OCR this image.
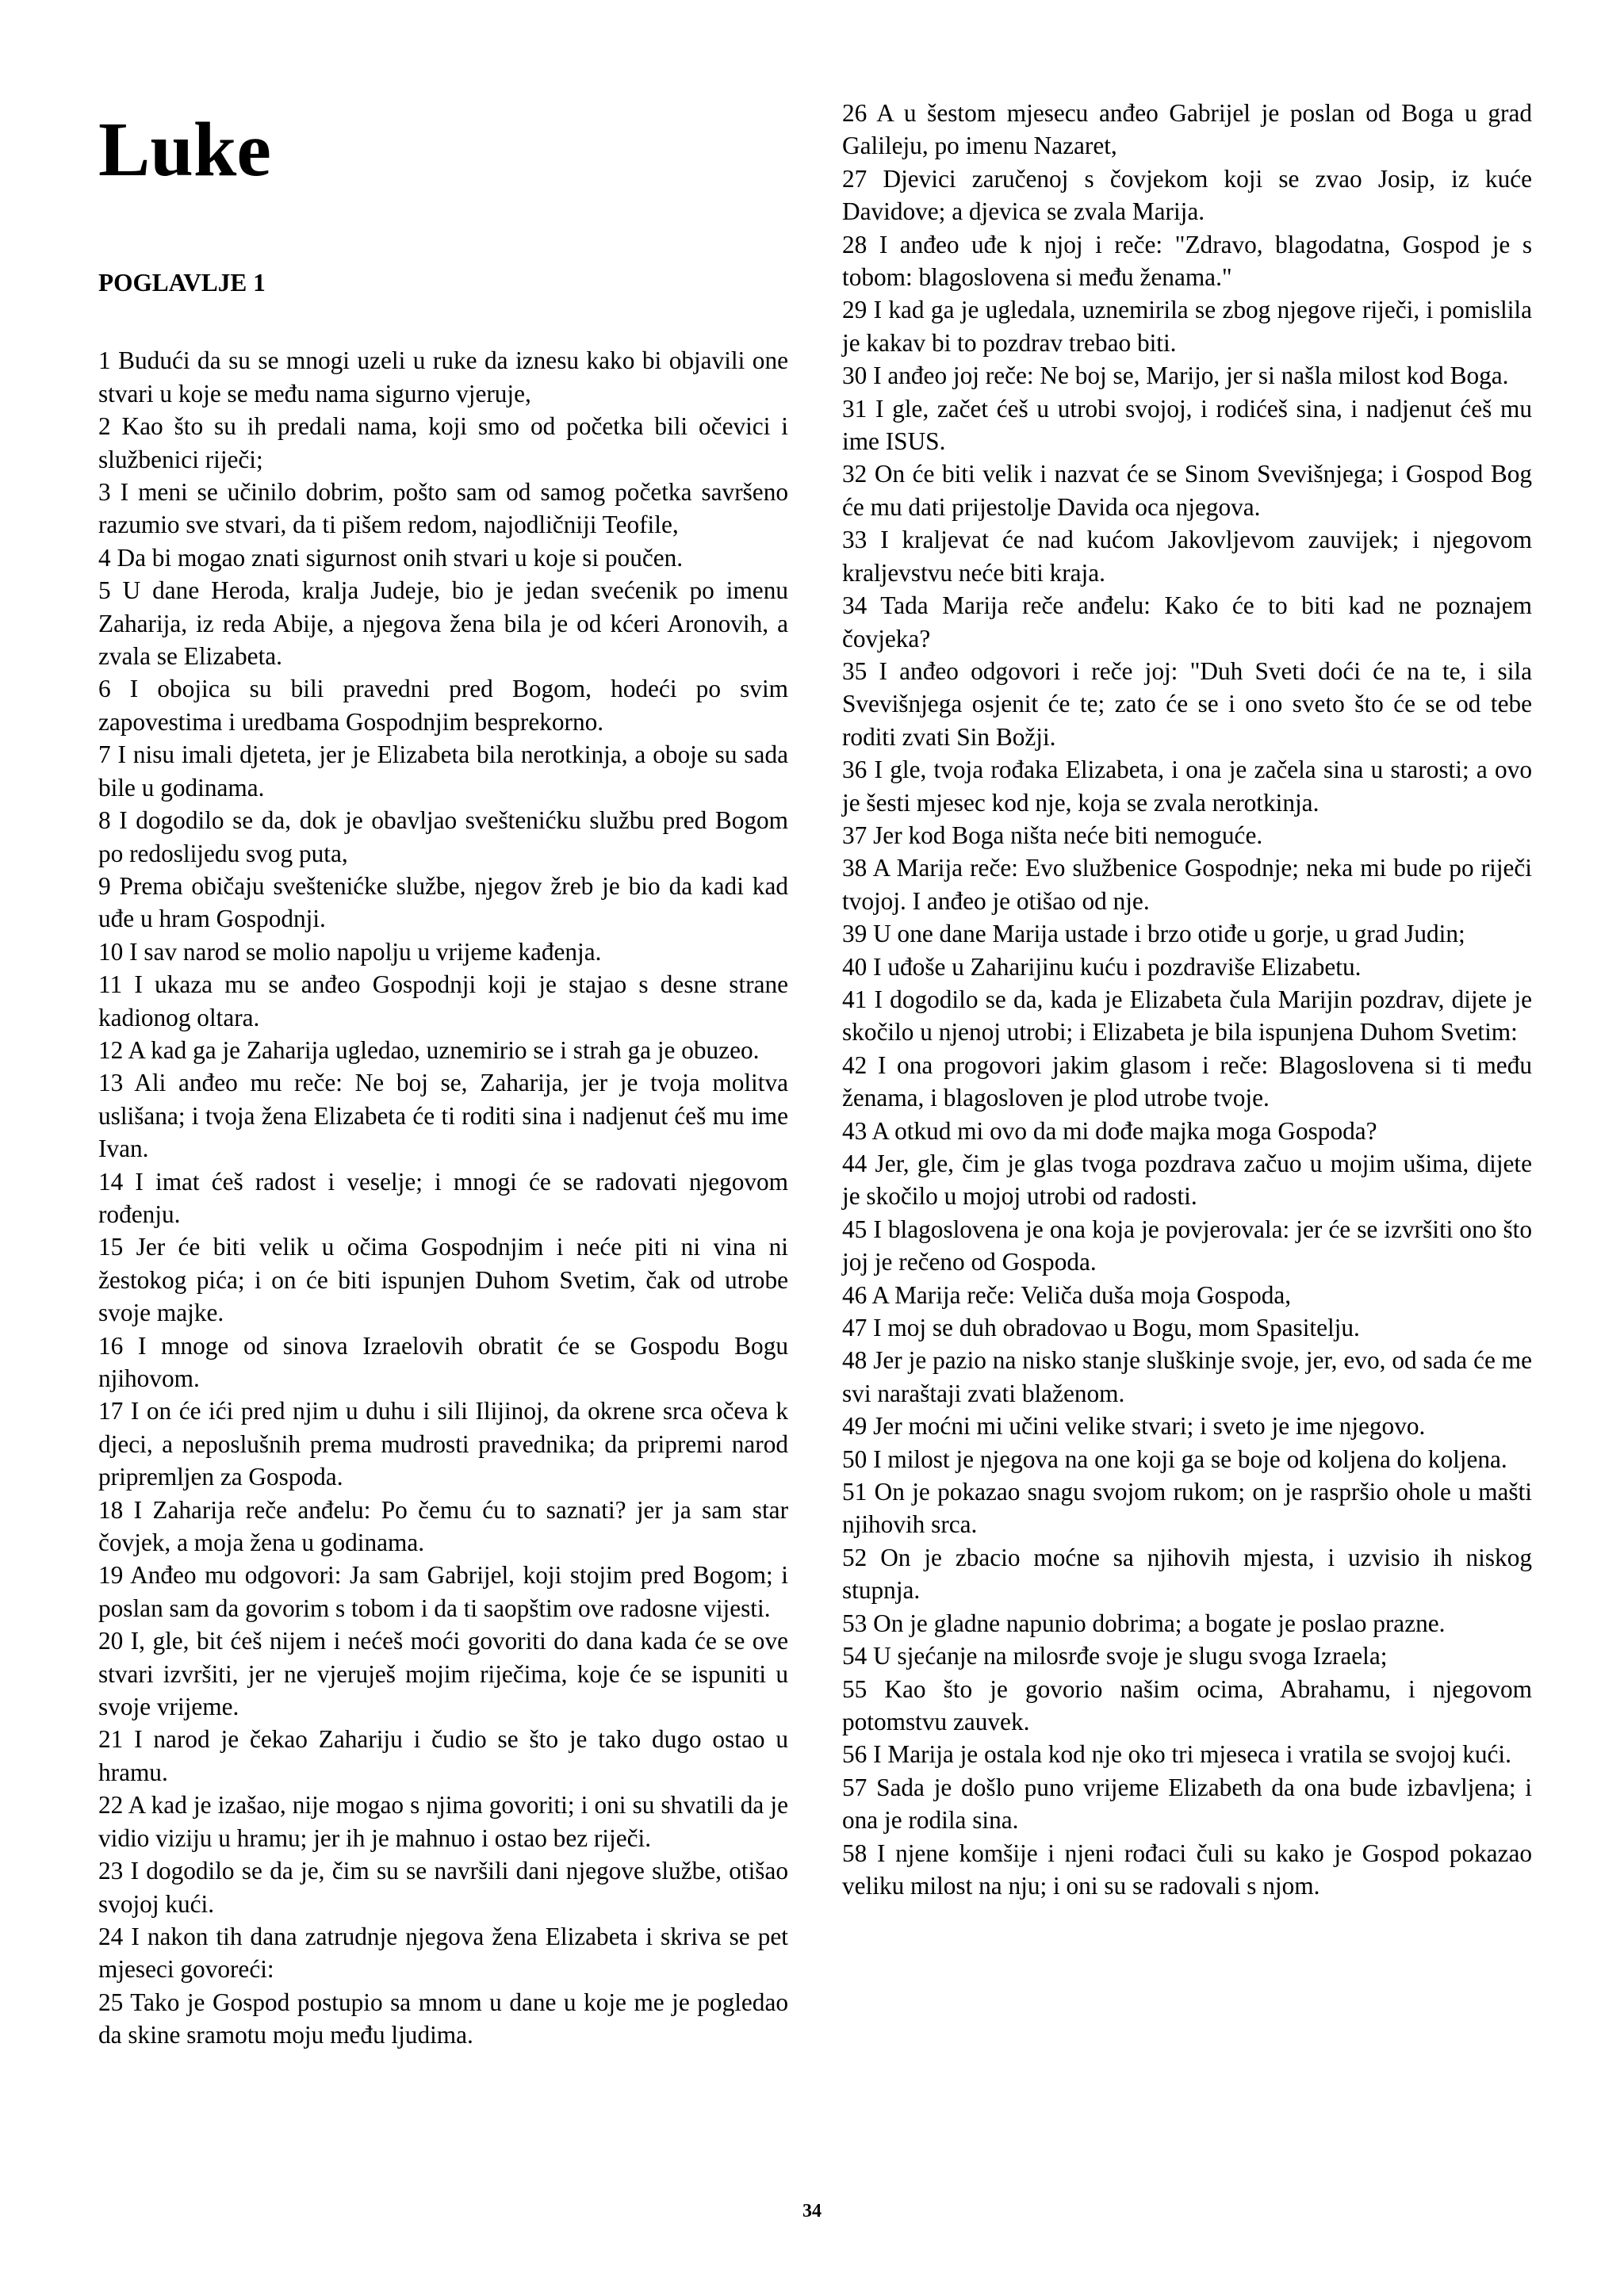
Luke
POGLAVLJE 1

1 Budući da su se mnogi uzeli u ruke da iznesu kako bi objavili one stvari u koje se među nama sigurno vjeruje,

2 Kao što su ih predali nama, koji smo od početka bili očevici i službenici riječi;

3 I meni se učinilo dobrim, pošto sam od samog početka savršeno razumio sve stvari, da ti pišem redom, najodličniji Teofile,

4 Da bi mogao znati sigurnost onih stvari u koje si poučen.

5 U dane Heroda, kralja Judeje, bio je jedan svećenik po imenu Zaharija, iz reda Abije, a njegova žena bila je od kćeri Aronovih, a zvala se Elizabeta.

6 I obojica su bili pravedni pred Bogom, hodeći po svim zapovestima i uredbama Gospodnjim besprekorno.

7 I nisu imali djeteta, jer je Elizabeta bila nerotkinja, a oboje su sada bile u godinama.

8 I dogodilo se da, dok je obavljao sveštenićku službu pred Bogom po redoslijedu svog puta,

9 Prema običaju sveštenićke službe, njegov žreb je bio da kadi kad uđe u hram Gospodnji.

10 I sav narod se molio napolju u vrijeme kađenja.

11 I ukaza mu se anđeo Gospodnji koji je stajao s desne strane kadionog oltara.

12 A kad ga je Zaharija ugledao, uznemirio se i strah ga je obuzeo.

13 Ali anđeo mu reče: Ne boj se, Zaharija, jer je tvoja molitva uslišana; i tvoja žena Elizabeta će ti roditi sina i nadjenut ćeš mu ime Ivan.

14 I imat ćeš radost i veselje; i mnogi će se radovati njegovom rođenju.

15 Jer će biti velik u očima Gospodnjim i neće piti ni vina ni žestokog pića; i on će biti ispunjen Duhom Svetim, čak od utrobe svoje majke.

16 I mnoge od sinova Izraelovih obratit će se Gospodu Bogu njihovom.

17 I on će ići pred njim u duhu i sili Ilijinoj, da okrene srca očeva k djeci, a neposlušnih prema mudrosti pravednika; da pripremi narod pripremljen za Gospoda.

18 I Zaharija reče anđelu: Po čemu ću to saznati? jer ja sam star čovjek, a moja žena u godinama.

19 Anđeo mu odgovori: Ja sam Gabrijel, koji stojim pred Bogom; i poslan sam da govorim s tobom i da ti saopštim ove radosne vijesti.

20 I, gle, bit ćeš nijem i nećeš moći govoriti do dana kada će se ove stvari izvršiti, jer ne vjeruješ mojim riječima, koje će se ispuniti u svoje vrijeme.

21 I narod je čekao Zahariju i čudio se što je tako dugo ostao u hramu.

22 A kad je izašao, nije mogao s njima govoriti; i oni su shvatili da je vidio viziju u hramu; jer ih je mahnuo i ostao bez riječi.

23 I dogodilo se da je, čim su se navršili dani njegove službe, otišao svojoj kući.

24 I nakon tih dana zatrudnje njegova žena Elizabeta i skriva se pet mjeseci govoreći:

25 Tako je Gospod postupio sa mnom u dane u koje me je pogledao da skine sramotu moju među ljudima.

26 A u šestom mjesecu anđeo Gabrijel je poslan od Boga u grad Galileju, po imenu Nazaret,

27 Djevici zaručenoj s čovjekom koji se zvao Josip, iz kuće Davidove; a djevica se zvala Marija.

28 I anđeo uđe k njoj i reče: "Zdravo, blagodatna, Gospod je s tobom: blagoslovena si među ženama."

29 I kad ga je ugledala, uznemirila se zbog njegove riječi, i pomislila je kakav bi to pozdrav trebao biti.

30 I anđeo joj reče: Ne boj se, Marijo, jer si našla milost kod Boga.

31 I gle, začet ćeš u utrobi svojoj, i rodićeš sina, i nadjenut ćeš mu ime ISUS.

32 On će biti velik i nazvat će se Sinom Svevišnjega; i Gospod Bog će mu dati prijestolje Davida oca njegova.

33 I kraljevat će nad kućom Jakovljevom zauvijek; i njegovom kraljevstvu neće biti kraja.

34 Tada Marija reče anđelu: Kako će to biti kad ne poznajem čovjeka?

35 I anđeo odgovori i reče joj: "Duh Sveti doći će na te, i sila Svevišnjega osjenit će te; zato će se i ono sveto što će se od tebe roditi zvati Sin Božji.

36 I gle, tvoja rođaka Elizabeta, i ona je začela sina u starosti; a ovo je šesti mjesec kod nje, koja se zvala nerotkinja.

37 Jer kod Boga ništa neće biti nemoguće.

38 A Marija reče: Evo službenice Gospodnje; neka mi bude po riječi tvojoj. I anđeo je otišao od nje.

39 U one dane Marija ustade i brzo otiđe u gorje, u grad Judin;

40 I uđoše u Zaharijinu kuću i pozdraviše Elizabetu.

41 I dogodilo se da, kada je Elizabeta čula Marijin pozdrav, dijete je skočilo u njenoj utrobi; i Elizabeta je bila ispunjena Duhom Svetim:

42 I ona progovori jakim glasom i reče: Blagoslovena si ti među ženama, i blagosloven je plod utrobe tvoje.

43 A otkud mi ovo da mi dođe majka moga Gospoda?

44 Jer, gle, čim je glas tvoga pozdrava začuo u mojim ušima, dijete je skočilo u mojoj utrobi od radosti.

45 I blagoslovena je ona koja je povjerovala: jer će se izvršiti ono što joj je rečeno od Gospoda.

46 A Marija reče: Veliča duša moja Gospoda,

47 I moj se duh obradovao u Bogu, mom Spasitelju.

48 Jer je pazio na nisko stanje sluškinje svoje, jer, evo, od sada će me svi naraštaji zvati blaženom.

49 Jer moćni mi učini velike stvari; i sveto je ime njegovo.

50 I milost je njegova na one koji ga se boje od koljena do koljena.

51 On je pokazao snagu svojom rukom; on je raspršio ohole u mašti njihovih srca.

52 On je zbacio moćne sa njihovih mjesta, i uzvisio ih niskog stupnja.

53 On je gladne napunio dobrima; a bogate je poslao prazne.

54 U sjećanje na milosrđe svoje je slugu svoga Izraela;

55 Kao što je govorio našim ocima, Abrahamu, i njegovom potomstvu zauvek.

56 I Marija je ostala kod nje oko tri mjeseca i vratila se svojoj kući.

57 Sada je došlo puno vrijeme Elizabeth da ona bude izbavljena; i ona je rodila sina.

58 I njene komšije i njeni rođaci čuli su kako je Gospod pokazao veliku milost na nju; i oni su se radovali s njom.

34
